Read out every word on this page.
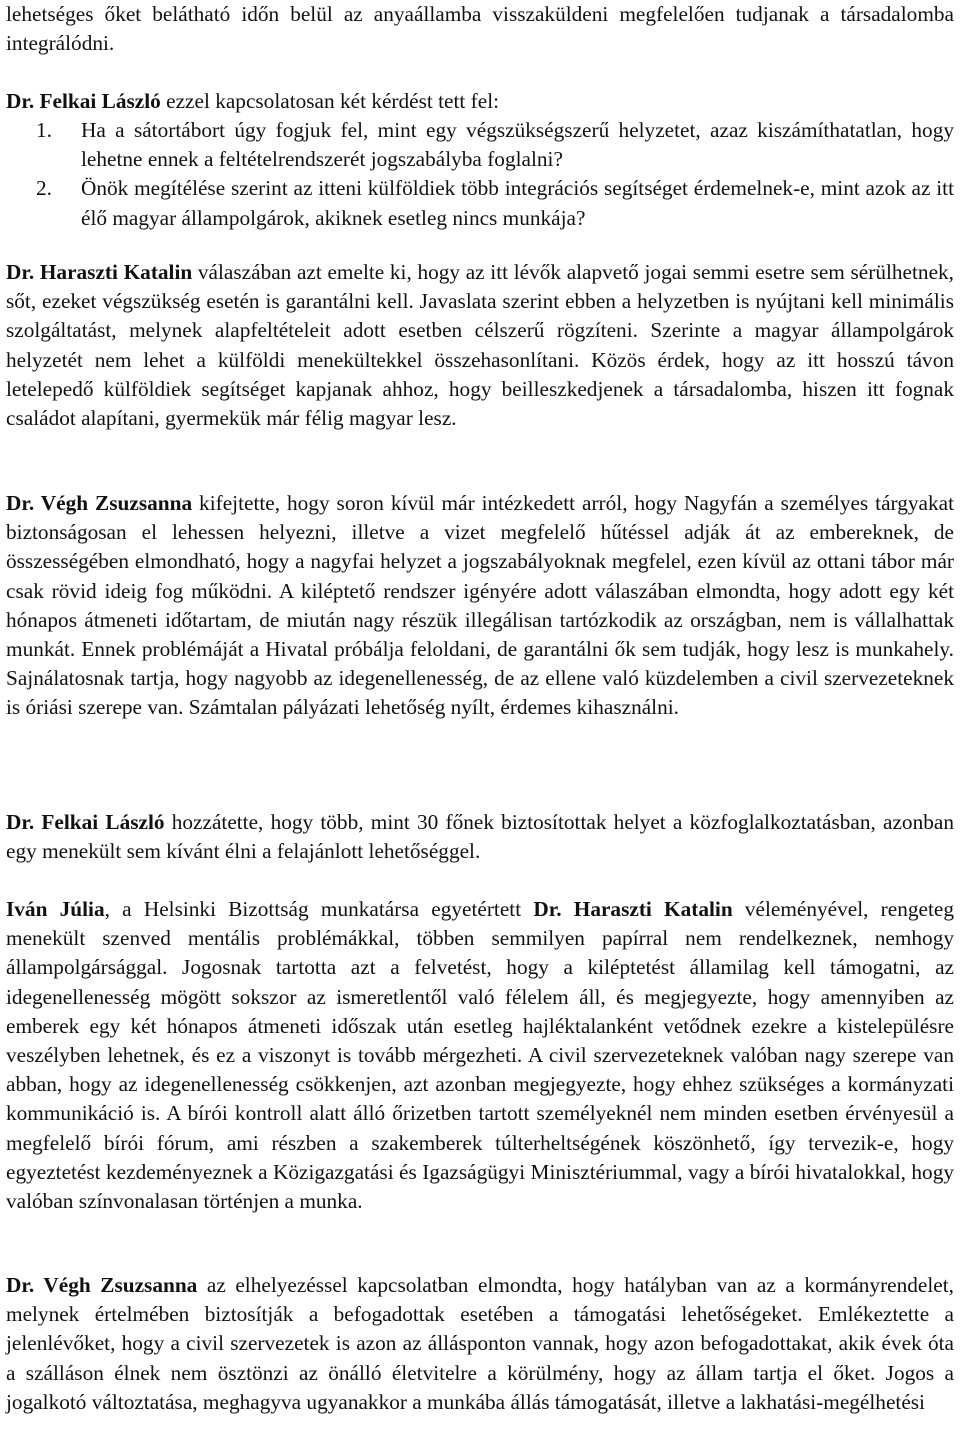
lehetséges őket belátható időn belül az anyaállamba visszaküldeni megfelelően tudjanak a társadalomba integrálódni.

Dr. Felkai László ezzel kapcsolatosan két kérdést tett fel:

1. Ha a sátortábort úgy fogjuk fel, mint egy végszükségszerű helyzetet, azaz kiszámíthatatlan, hogy lehetne ennek a feltételrendszerét jogszabályba foglalni?
2. Önök megítélése szerint az itteni külföldiek több integrációs segítséget érdemelnek-e, mint azok az itt élő magyar állampolgárok, akiknek esetleg nincs munkája?

Dr. Haraszti Katalin válaszában azt emelte ki, hogy az itt lévők alapvető jogai semmi esetre sem sérülhetnek, sőt, ezeket végszükség esetén is garantálni kell. Javaslata szerint ebben a helyzetben is nyújtani kell minimális szolgáltatást, melynek alapfeltételeit adott esetben célszerű rögzíteni. Szerinte a magyar állampolgárok helyzetét nem lehet a külföldi menekültekkel összehasonlítani. Közös érdek, hogy az itt hosszú távon letelepedő külföldiek segítséget kapjanak ahhoz, hogy beilleszkedjenek a társadalomba, hiszen itt fognak családot alapítani, gyermekük már félig magyar lesz.

Dr. Végh Zsuzsanna kifejtette, hogy soron kívül már intézkedett arról, hogy Nagyfán a személyes tárgyakat biztonságosan el lehessen helyezni, illetve a vizet megfelelő hűtéssel adják át az embereknek, de összességében elmondható, hogy a nagyfai helyzet a jogszabályoknak megfelel, ezen kívül az ottani tábor már csak rövid ideig fog működni. A kiléptető rendszer igényére adott válaszában elmondta, hogy adott egy két hónapos átmeneti időtartam, de miután nagy részük illegálisan tartózkodik az országban, nem is vállalhattak munkát. Ennek problémáját a Hivatal próbálja feloldani, de garantálni ők sem tudják, hogy lesz is munkahely. Sajnálatosnak tartja, hogy nagyobb az idegenellenesség, de az ellene való küzdelemben a civil szervezeteknek is óriási szerepe van. Számtalan pályázati lehetőség nyílt, érdemes kihasználni.

Dr. Felkai László hozzátette, hogy több, mint 30 főnek biztosítottak helyet a közfoglalkoztatásban, azonban egy menekült sem kívánt élni a felajánlott lehetőséggel.

Iván Júlia, a Helsinki Bizottság munkatársa egyetértett Dr. Haraszti Katalin véleményével, rengeteg menekült szenved mentális problémákkal, többen semmilyen papírral nem rendelkeznek, nemhogy állampolgársággal. Jogosnak tartotta azt a felvetést, hogy a kiléptetést államilag kell támogatni, az idegenellenesség mögött sokszor az ismeretlentől való félelem áll, és megjegyezte, hogy amennyiben az emberek egy két hónapos átmeneti időszak után esetleg hajléktalanként vetődnek ezekre a kistelepülésre veszélyben lehetnek, és ez a viszonyt is tovább mérgezheti. A civil szervezeteknek valóban nagy szerepe van abban, hogy az idegenellenesség csökkenjen, azt azonban megjegyezte, hogy ehhez szükséges a kormányzati kommunikáció is. A bírói kontroll alatt álló őrizetben tartott személyeknél nem minden esetben érvényesül a megfelelő bírói fórum, ami részben a szakemberek túlterheltségének köszönhető, így tervezik-e, hogy egyeztetést kezdeményeznek a Közigazgatási és Igazságügyi Minisztériummal, vagy a bírói hivatalokkal, hogy valóban színvonalasan történjen a munka.

Dr. Végh Zsuzsanna az elhelyezéssel kapcsolatban elmondta, hogy hatályban van az a kormányrendelet, melynek értelmében biztosítják a befogadottak esetében a támogatási lehetőségeket. Emlékeztette a jelenlévőket, hogy a civil szervezetek is azon az állásponton vannak, hogy azon befogadottakat, akik évek óta a szálláson élnek nem ösztönzi az önálló életvitelre a körülmény, hogy az állam tartja el őket. Jogos a jogalkotó változtatása, meghagyva ugyanakkor a munkába állás támogatását, illetve a lakhatási-megélhetési
